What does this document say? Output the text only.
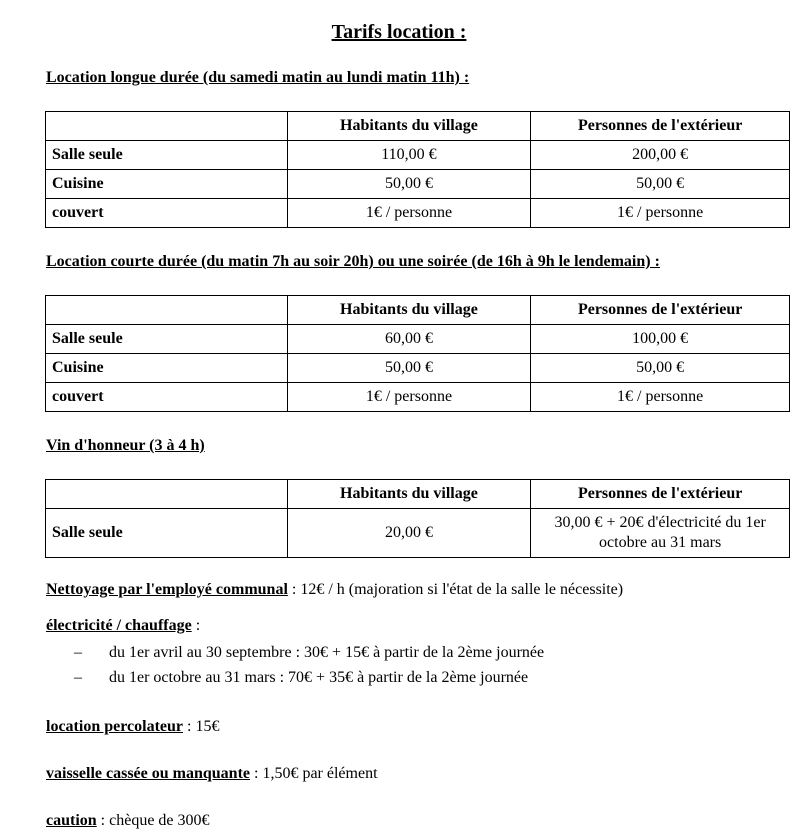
Tarifs location :
Location longue durée (du samedi matin au lundi matin 11h) :
	Habitants du village	Personnes de l'extérieur
Salle seule	110,00 €	200,00 €
Cuisine	50,00 €	50,00 €
couvert	1€ / personne	1€ / personne
Location courte durée (du matin 7h au soir 20h) ou une soirée (de 16h à 9h le lendemain) :
	Habitants du village	Personnes de l'extérieur
Salle seule	60,00 €	100,00 €
Cuisine	50,00 €	50,00 €
couvert	1€ / personne	1€ / personne
Vin d'honneur (3 à 4 h)
	Habitants du village	Personnes de l'extérieur
Salle seule	20,00 €	30,00 € + 20€ d'électricité du 1er octobre au 31 mars

Nettoyage par l'employé communal : 12€ / h (majoration si l'état de la salle le nécessite)

électricité / chauffage :

– du 1er avril au 30 septembre : 30€ + 15€ à partir de la 2ème journée
– du 1er octobre au 31 mars : 70€ + 35€ à partir de la 2ème journée

location percolateur : 15€

vaisselle cassée ou manquante : 1,50€ par élément

caution : chèque de 300€
